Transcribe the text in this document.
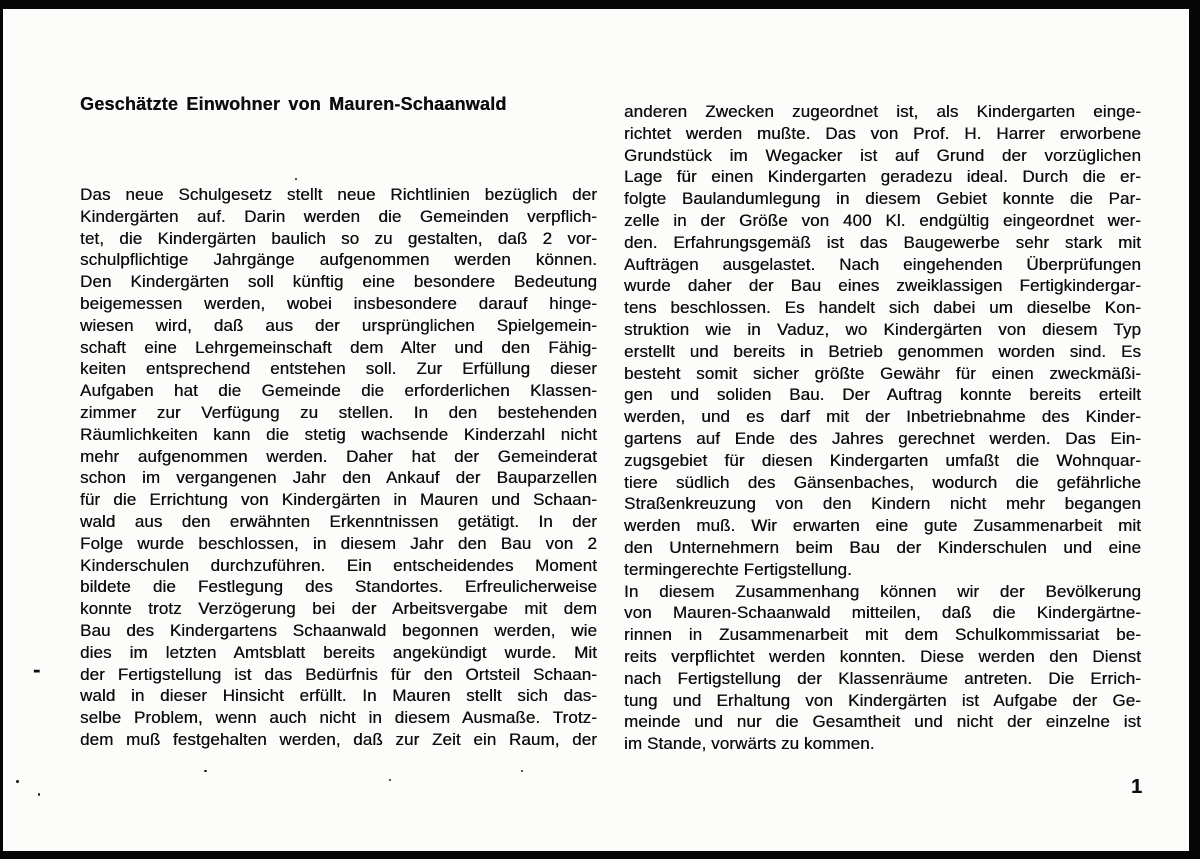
Geschätzte Einwohner von Mauren-Schaanwald
Das neue Schulgesetz stellt neue Richtlinien bezüglich der
Kindergärten auf. Darin werden die Gemeinden verpflich-
tet, die Kindergärten baulich so zu gestalten, daß 2 vor-
schulpflichtige Jahrgänge aufgenommen werden können.
Den Kindergärten soll künftig eine besondere Bedeutung
beigemessen werden, wobei insbesondere darauf hinge-
wiesen wird, daß aus der ursprünglichen Spielgemein-
schaft eine Lehrgemeinschaft dem Alter und den Fähig-
keiten entsprechend entstehen soll. Zur Erfüllung dieser
Aufgaben hat die Gemeinde die erforderlichen Klassen-
zimmer zur Verfügung zu stellen. In den bestehenden
Räumlichkeiten kann die stetig wachsende Kinderzahl nicht
mehr aufgenommen werden. Daher hat der Gemeinderat
schon im vergangenen Jahr den Ankauf der Bauparzellen
für die Errichtung von Kindergärten in Mauren und Schaan-
wald aus den erwähnten Erkenntnissen getätigt. In der
Folge wurde beschlossen, in diesem Jahr den Bau von 2
Kinderschulen durchzuführen. Ein entscheidendes Moment
bildete die Festlegung des Standortes. Erfreulicherweise
konnte trotz Verzögerung bei der Arbeitsvergabe mit dem
Bau des Kindergartens Schaanwald begonnen werden, wie
dies im letzten Amtsblatt bereits angekündigt wurde. Mit
der Fertigstellung ist das Bedürfnis für den Ortsteil Schaan-
wald in dieser Hinsicht erfüllt. In Mauren stellt sich das-
selbe Problem, wenn auch nicht in diesem Ausmaße. Trotz-
dem muß festgehalten werden, daß zur Zeit ein Raum, der
anderen Zwecken zugeordnet ist, als Kindergarten einge-
richtet werden mußte. Das von Prof. H. Harrer erworbene
Grundstück im Wegacker ist auf Grund der vorzüglichen
Lage für einen Kindergarten geradezu ideal. Durch die er-
folgte Baulandumlegung in diesem Gebiet konnte die Par-
zelle in der Größe von 400 Kl. endgültig eingeordnet wer-
den. Erfahrungsgemäß ist das Baugewerbe sehr stark mit
Aufträgen ausgelastet. Nach eingehenden Überprüfungen
wurde daher der Bau eines zweiklassigen Fertigkindergar-
tens beschlossen. Es handelt sich dabei um dieselbe Kon-
struktion wie in Vaduz, wo Kindergärten von diesem Typ
erstellt und bereits in Betrieb genommen worden sind. Es
besteht somit sicher größte Gewähr für einen zweckmäßi-
gen und soliden Bau. Der Auftrag konnte bereits erteilt
werden, und es darf mit der Inbetriebnahme des Kinder-
gartens auf Ende des Jahres gerechnet werden. Das Ein-
zugsgebiet für diesen Kindergarten umfaßt die Wohnquar-
tiere südlich des Gänsenbaches, wodurch die gefährliche
Straßenkreuzung von den Kindern nicht mehr begangen
werden muß. Wir erwarten eine gute Zusammenarbeit mit
den Unternehmern beim Bau der Kinderschulen und eine
termingerechte Fertigstellung.
In diesem Zusammenhang können wir der Bevölkerung
von Mauren-Schaanwald mitteilen, daß die Kindergärtne-
rinnen in Zusammenarbeit mit dem Schulkommissariat be-
reits verpflichtet werden konnten. Diese werden den Dienst
nach Fertigstellung der Klassenräume antreten. Die Errich-
tung und Erhaltung von Kindergärten ist Aufgabe der Ge-
meinde und nur die Gesamtheit und nicht der einzelne ist
im Stande, vorwärts zu kommen.
-
1
